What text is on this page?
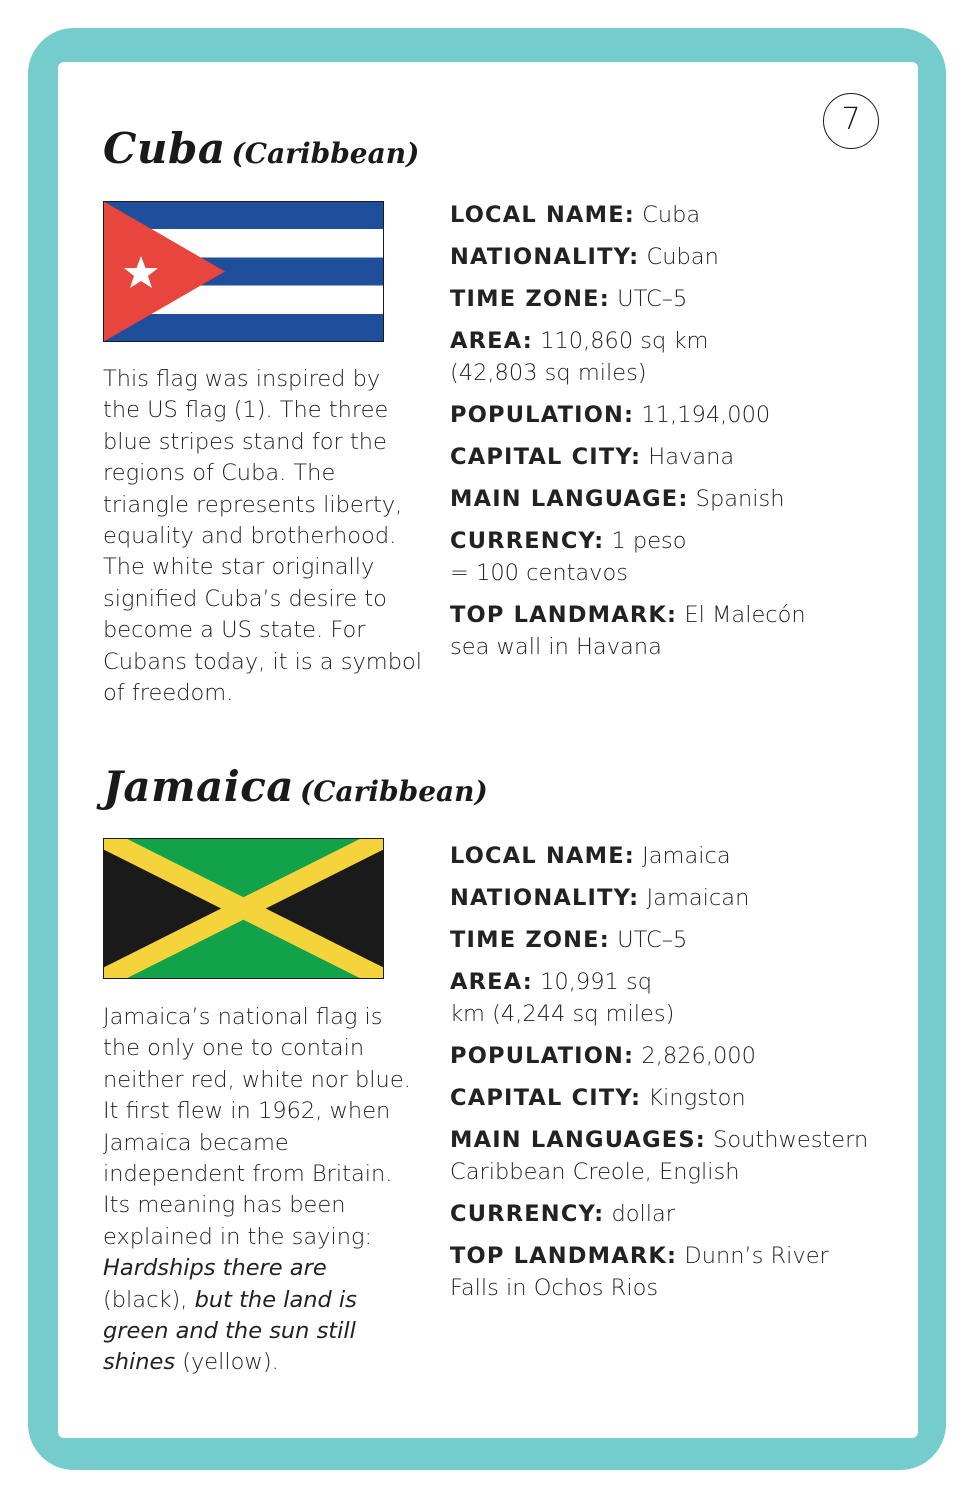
7
Cuba (Caribbean)
This flag was inspired by the US flag (1). The three blue stripes stand for the regions of Cuba. The triangle represents liberty, equality and brotherhood. The white star originally signified Cuba’s desire to become a US state. For Cubans today, it is a symbol of freedom.
LOCAL NAME: Cuba
NATIONALITY: Cuban
TIME ZONE: UTC–5
AREA: 110,860 sq km (42,803 sq miles)
POPULATION: 11,194,000
CAPITAL CITY: Havana
MAIN LANGUAGE: Spanish
CURRENCY: 1 peso = 100 centavos
TOP LANDMARK: El Malecón sea wall in Havana
Jamaica (Caribbean)
Jamaica’s national flag is the only one to contain neither red, white nor blue. It first flew in 1962, when Jamaica became independent from Britain. Its meaning has been explained in the saying: Hardships there are (black), but the land is green and the sun still shines (yellow).
LOCAL NAME: Jamaica
NATIONALITY: Jamaican
TIME ZONE: UTC–5
AREA: 10,991 sq km (4,244 sq miles)
POPULATION: 2,826,000
CAPITAL CITY: Kingston
MAIN LANGUAGES: Southwestern Caribbean Creole, English
CURRENCY: dollar
TOP LANDMARK: Dunn’s River Falls in Ochos Rios
